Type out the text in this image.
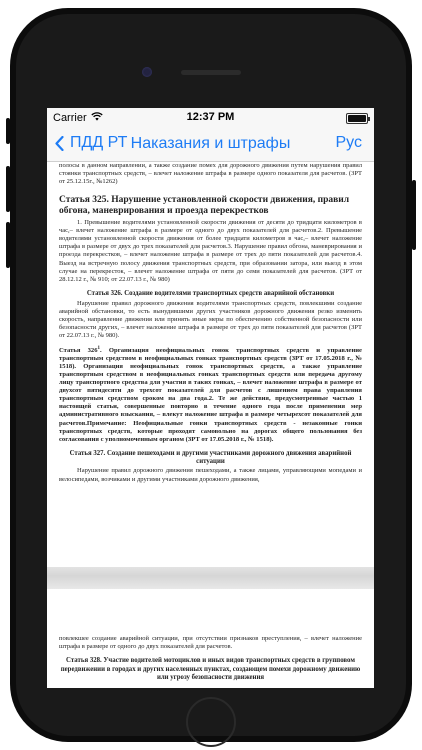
Carrier	12:37 PM
ПДД РТ Наказания и штрафы	Рус

полосы в данном направлении, а также создание помех для дорожного движения путем нарушения правил стоянки транспортных средств, – влечет наложение штрафа в размере одного показателя для расчетов. (ЗРТ от 25.12.15г., №1262)

Статья 325. Нарушение установленной скорости движения, правил обгона, маневрирования и проезда перекрестков

1. Превышение водителями установленной скорости движения от десяти до тридцати километров в час,– влечет наложение штрафа в размере от одного до двух показателей для расчетов.2. Превышение водителями установленной скорости движения от более тридцати километров в час,– влечет наложение штрафа в размере от двух до трех показателей для расчетов.3. Нарушение правил обгона, маневрирования и проезда перекрестков, – влечет наложение штрафа в размере от трех до пяти показателей для расчетов.4. Выезд на встречную полосу движения транспортных средств, при образовании затора, или выезд в этом случае на перекресток, – влечет наложение штрафа от пяти до семи показателей для расчетов. (ЗРТ от 28.12.12 г., № 910; от 22.07.13 г., № 980)

Статья 326. Создание водителями транспортных средств аварийной обстановки

Нарушение правил дорожного движения водителями транспортных средств, повлекшими создание аварийной обстановки, то есть вынудившими других участников дорожного движения резко изменить скорость, направление движения или принять иные меры по обеспечению собственной безопасности или безопасности других, – влечет наложение штрафа в размере от трех до пяти показателей для расчетов (ЗРТ от 22.07.13 г., № 980).

Статья $326^1$. Организация неофициальных гонок транспортных средств и управление транспортным средством в неофициальных гонках транспортных средств (ЗРТ от 17.05.2018 г., № 1518). Организация неофициальных гонок транспортных средств, а также управление транспортным средством в неофициальных гонках транспортных средств или передача другому лицу транспортного средства для участия в таких гонках, – влечет наложение штрафа в размере от двухсот пятидесяти до трехсот показателей для расчетов с лишением права управления транспортным средством сроком на два года.2. Те же действия, предусмотренные частью 1 настоящей статьи, совершенные повторно в течение одного года после применения мер административного взыскания, – влекут наложение штрафа в размере четырехсот показателей для расчетов.Примечание: Неофициальные гонки транспортных средств - незаконные гонки транспортных средств, которые проходят самовольно на дорогах общего пользования без согласования с уполномоченным органом (ЗРТ от 17.05.2018 г., № 1518).
Статья 327. Создание пешеходами и другими участниками дорожного движения аварийной ситуации

Нарушение правил дорожного движения пешеходами, а также лицами, управляющими мопедами и велосипедами, возчиками и другими участниками дорожного движения,

повлекшее создание аварийной ситуации, при отсутствии признаков преступления, – влечет наложение штрафа в размере от одного до двух показателей для расчетов.

Статья 328. Участие водителей мотоциклов и иных видов транспортных средств в групповом передвижении в городах и других населенных пунктах, создающем помехи дорожному движению или угрозу безопасности движения
